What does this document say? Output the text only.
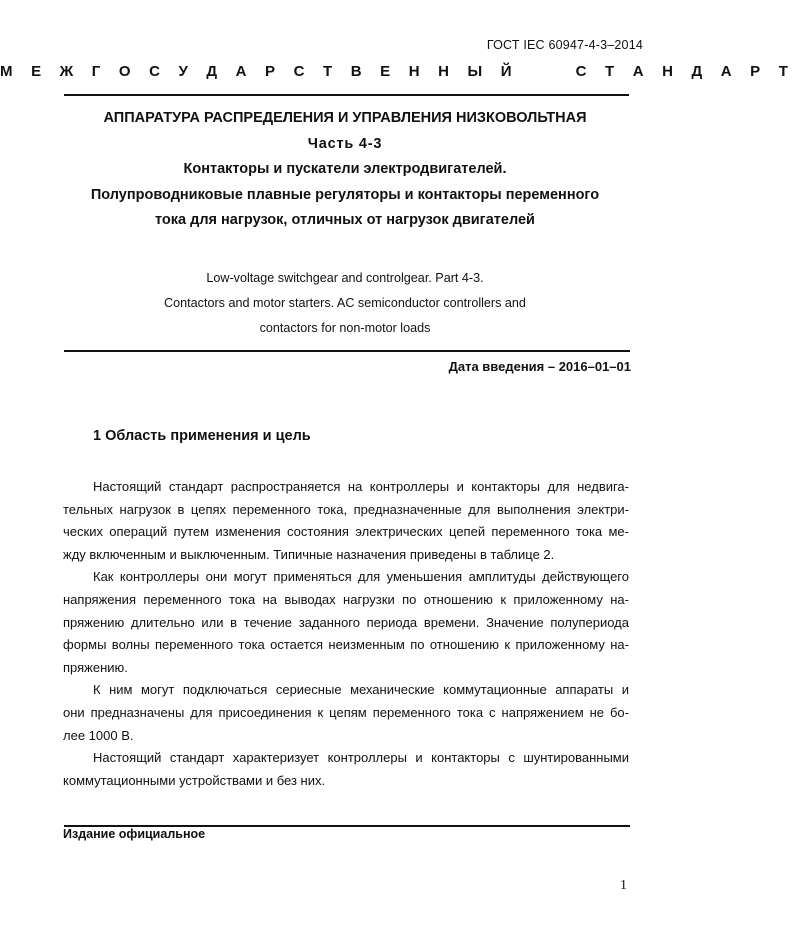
ГОСТ IEC 60947-4-3–2014
М Е Ж Г О С У Д А Р С Т В Е Н Н Ы Й     С Т А Н Д А Р Т
АППАРАТУРА РАСПРЕДЕЛЕНИЯ И УПРАВЛЕНИЯ НИЗКОВОЛЬТНАЯ
Часть 4-3
Контакторы и пускатели электродвигателей.
Полупроводниковые плавные регуляторы и контакторы переменного
тока для нагрузок, отличных от нагрузок двигателей
Low-voltage switchgear and controlgear. Part 4-3.
Contactors and motor starters. AC semiconductor controllers and
contactors for non-motor loads
Дата введения – 2016–01–01
1 Область применения и цель
Настоящий стандарт распространяется на контроллеры и контакторы для недвига-
тельных нагрузок в цепях переменного тока, предназначенные для выполнения электри-
ческих операций путем изменения состояния электрических цепей переменного тока ме-
жду включенным и выключенным. Типичные назначения приведены в таблице 2.
Как контроллеры они могут применяться для уменьшения амплитуды действующего
напряжения переменного тока на выводах нагрузки по отношению к приложенному на-
пряжению длительно или в течение заданного периода времени. Значение полупериода
формы волны переменного тока остается неизменным по отношению к приложенному на-
пряжению.
К ним могут подключаться сериесные механические коммутационные аппараты и
они предназначены для присоединения к цепям переменного тока с напряжением не бо-
лее 1000 В.
Настоящий стандарт характеризует контроллеры и контакторы с шунтированными
коммутационными устройствами и без них.
Издание официальное
1
